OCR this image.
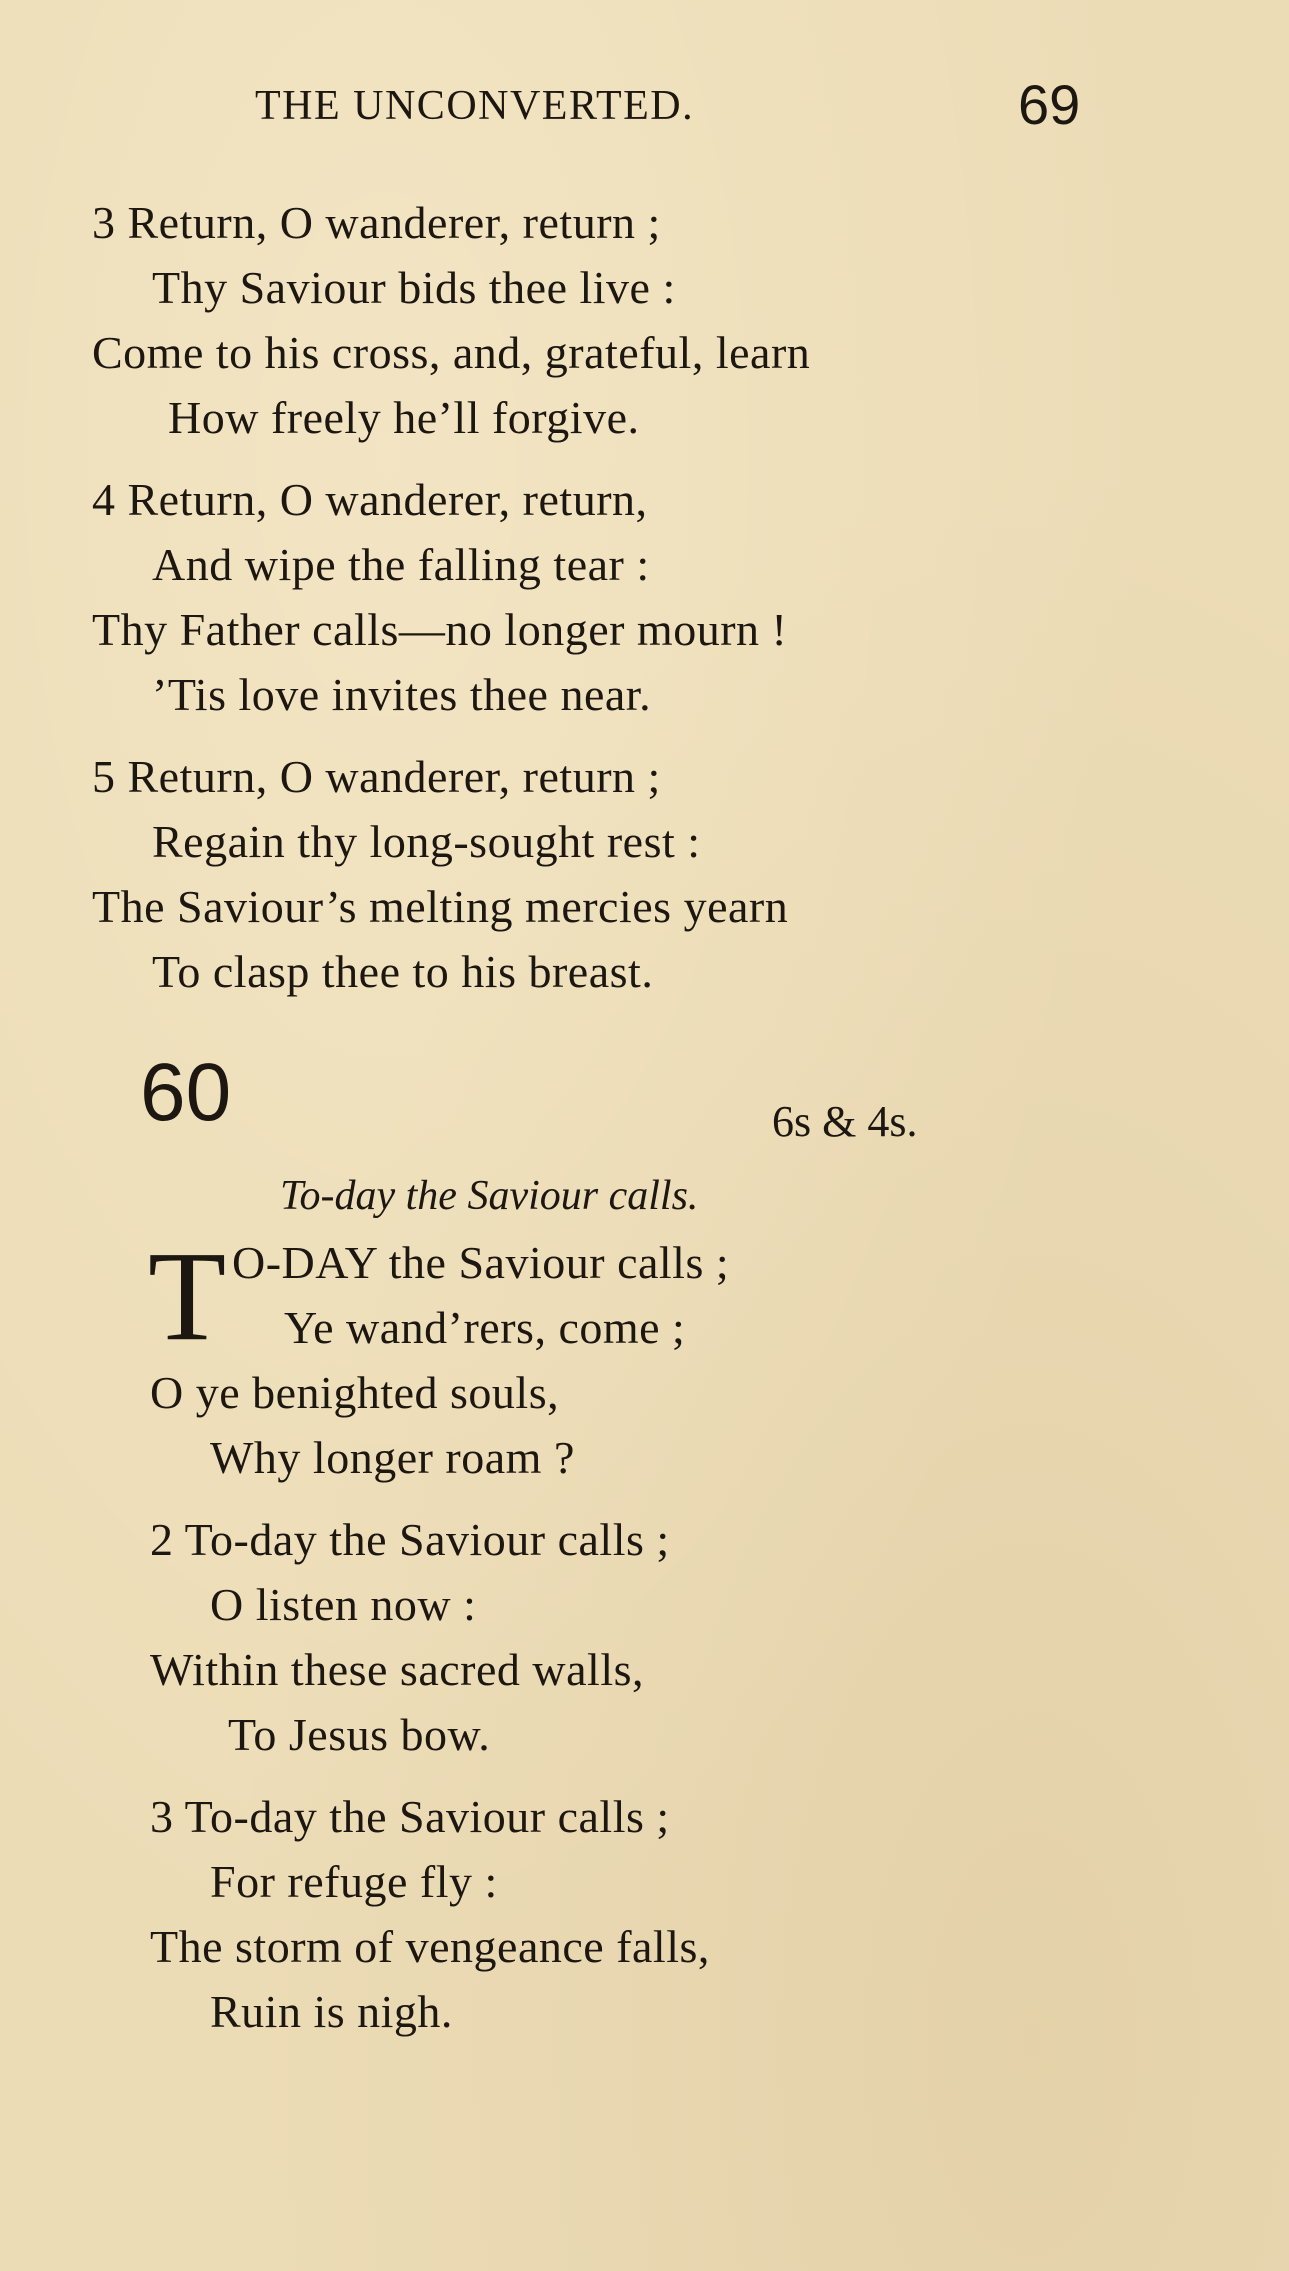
THE UNCONVERTED.	69
3 Return, O wanderer, return ;
Thy Saviour bids thee live :
Come to his cross, and, grateful, learn
How freely he’ll forgive.
4 Return, O wanderer, return,
And wipe the falling tear :
Thy Father calls—no longer mourn !
’Tis love invites thee near.
5 Return, O wanderer, return ;
Regain thy long-sought rest :
The Saviour’s melting mercies yearn
To clasp thee to his breast.
60	6s & 4s.
To-day the Saviour calls.
T O-DAY the Saviour calls ;
Ye wand’rers, come ;
O ye benighted souls,
Why longer roam ?
2 To-day the Saviour calls ;
O listen now :
Within these sacred walls,
To Jesus bow.
3 To-day the Saviour calls ;
For refuge fly :
The storm of vengeance falls,
Ruin is nigh.
